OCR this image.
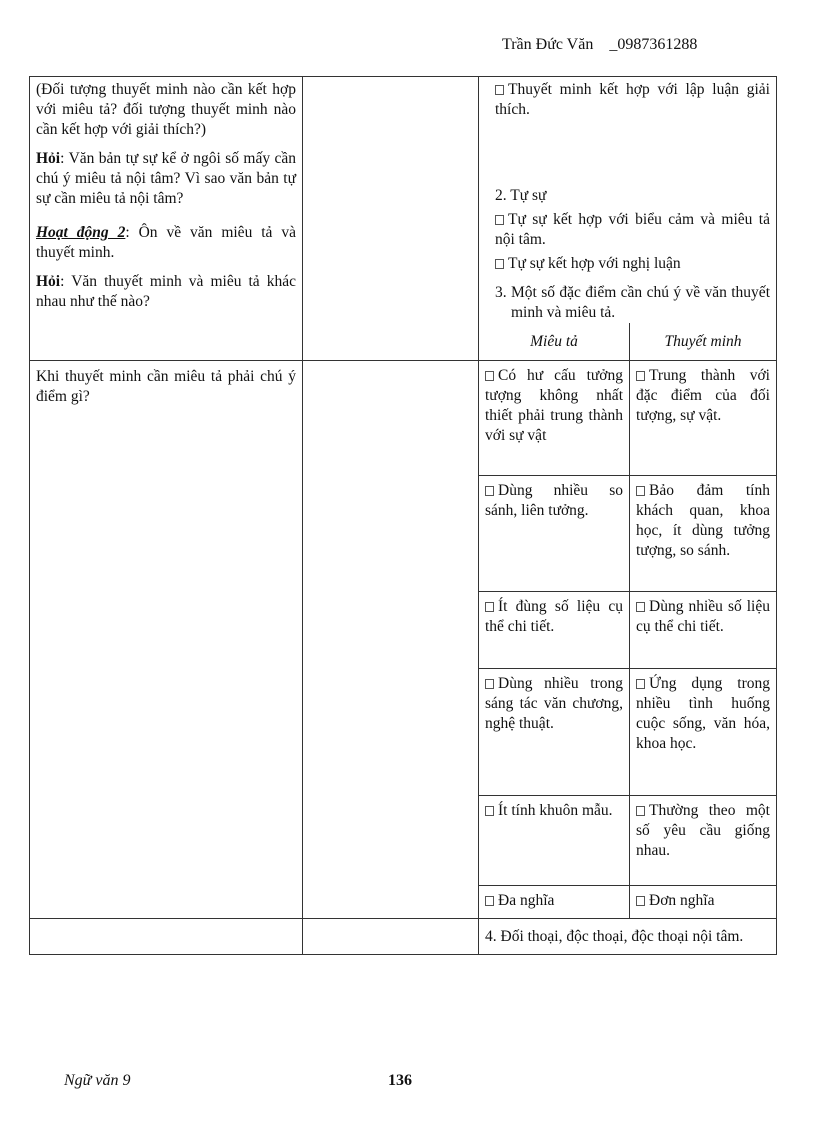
Trần Đức Văn    _0987361288

(Đối tượng thuyết minh nào cần kết hợp với miêu tả? đối tượng thuyết minh nào cần kết hợp với giải thích?)

Hỏi: Văn bản tự sự kể ở ngôi số mấy cần chú ý miêu tả nội tâm? Vì sao văn bản tự sự cần miêu tả nội tâm?

Hoạt động 2: Ôn về văn miêu tả và thuyết minh.

Hỏi: Văn thuyết minh và miêu tả khác nhau như thế nào?

Thuyết minh kết hợp với lập luận giải thích.

2. Tự sự

Tự sự kết hợp với biểu cảm và miêu tả nội tâm.

Tự sự kết hợp với nghị luận

3. Một số đặc điểm cần chú ý về văn thuyết minh và miêu tả.

Miêu tả	Thuyết minh

Khi thuyết minh cần miêu tả phải chú ý điểm gì?

Có hư cấu tưởng tượng không nhất thiết phải trung thành với sự vật	Trung thành với đặc điểm của đối tượng, sự vật.
Dùng nhiều so sánh, liên tưởng.	Bảo đảm tính khách quan, khoa học, ít dùng tưởng tượng, so sánh.
Ít đùng số liệu cụ thể chi tiết.	Dùng nhiều số liệu cụ thể chi tiết.
Dùng nhiều trong sáng tác văn chương, nghệ thuật.	Ứng dụng trong nhiều tình huống cuộc sống, văn hóa, khoa học.
Ít tính khuôn mẫu.	Thường theo một số yêu cầu giống nhau.
Đa nghĩa	Đơn nghĩa

4. Đối thoại, độc thoại, độc thoại nội tâm.

Ngữ văn 9	136
